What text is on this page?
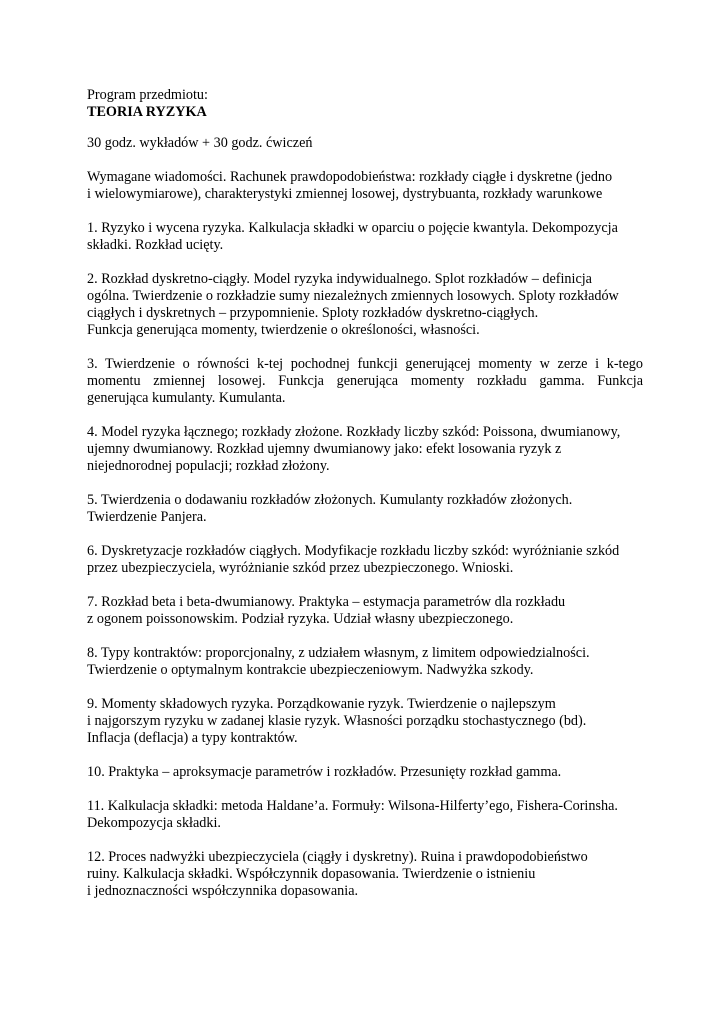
Program przedmiotu:
TEORIA RYZYKA
30 godz. wykładów + 30 godz. ćwiczeń
Wymagane wiadomości. Rachunek prawdopodobieństwa: rozkłady ciągłe i dyskretne (jedno
i wielowymiarowe), charakterystyki zmiennej losowej, dystrybuanta, rozkłady warunkowe
1. Ryzyko i wycena ryzyka. Kalkulacja składki w oparciu o pojęcie kwantyla. Dekompozycja
składki. Rozkład ucięty.
2. Rozkład dyskretno-ciągły. Model ryzyka indywidualnego. Splot rozkładów – definicja
ogólna. Twierdzenie o rozkładzie sumy niezależnych zmiennych losowych. Sploty rozkładów
ciągłych i dyskretnych – przypomnienie. Sploty rozkładów dyskretno-ciągłych.
Funkcja generująca momenty, twierdzenie o określoności, własności.
3. Twierdzenie o równości k-tej pochodnej funkcji generującej momenty w zerze i k-tego
momentu zmiennej losowej. Funkcja generująca momenty rozkładu gamma. Funkcja
generująca kumulanty. Kumulanta.
4. Model ryzyka łącznego; rozkłady złożone. Rozkłady liczby szkód: Poissona, dwumianowy,
ujemny dwumianowy. Rozkład ujemny dwumianowy jako: efekt losowania ryzyk z
niejednorodnej populacji; rozkład złożony.
5. Twierdzenia o dodawaniu rozkładów złożonych. Kumulanty rozkładów złożonych.
Twierdzenie Panjera.
6. Dyskretyzacje rozkładów ciągłych. Modyfikacje rozkładu liczby szkód: wyróżnianie szkód
przez ubezpieczyciela, wyróżnianie szkód przez ubezpieczonego. Wnioski.
7. Rozkład beta i beta-dwumianowy. Praktyka – estymacja parametrów dla rozkładu
z ogonem poissonowskim. Podział ryzyka. Udział własny ubezpieczonego.
8. Typy kontraktów: proporcjonalny, z udziałem własnym, z limitem odpowiedzialności.
Twierdzenie o optymalnym kontrakcie ubezpieczeniowym. Nadwyżka szkody.
9. Momenty składowych ryzyka. Porządkowanie ryzyk. Twierdzenie o najlepszym
i najgorszym ryzyku w zadanej klasie ryzyk. Własności porządku stochastycznego (bd).
Inflacja (deflacja) a typy kontraktów.
10. Praktyka – aproksymacje parametrów i rozkładów. Przesunięty rozkład gamma.
11. Kalkulacja składki: metoda Haldane’a. Formuły: Wilsona-Hilferty’ego, Fishera-Corinsha.
Dekompozycja składki.
12. Proces nadwyżki ubezpieczyciela (ciągły i dyskretny). Ruina i prawdopodobieństwo
ruiny. Kalkulacja składki. Współczynnik dopasowania. Twierdzenie o istnieniu
i jednoznaczności współczynnika dopasowania.
